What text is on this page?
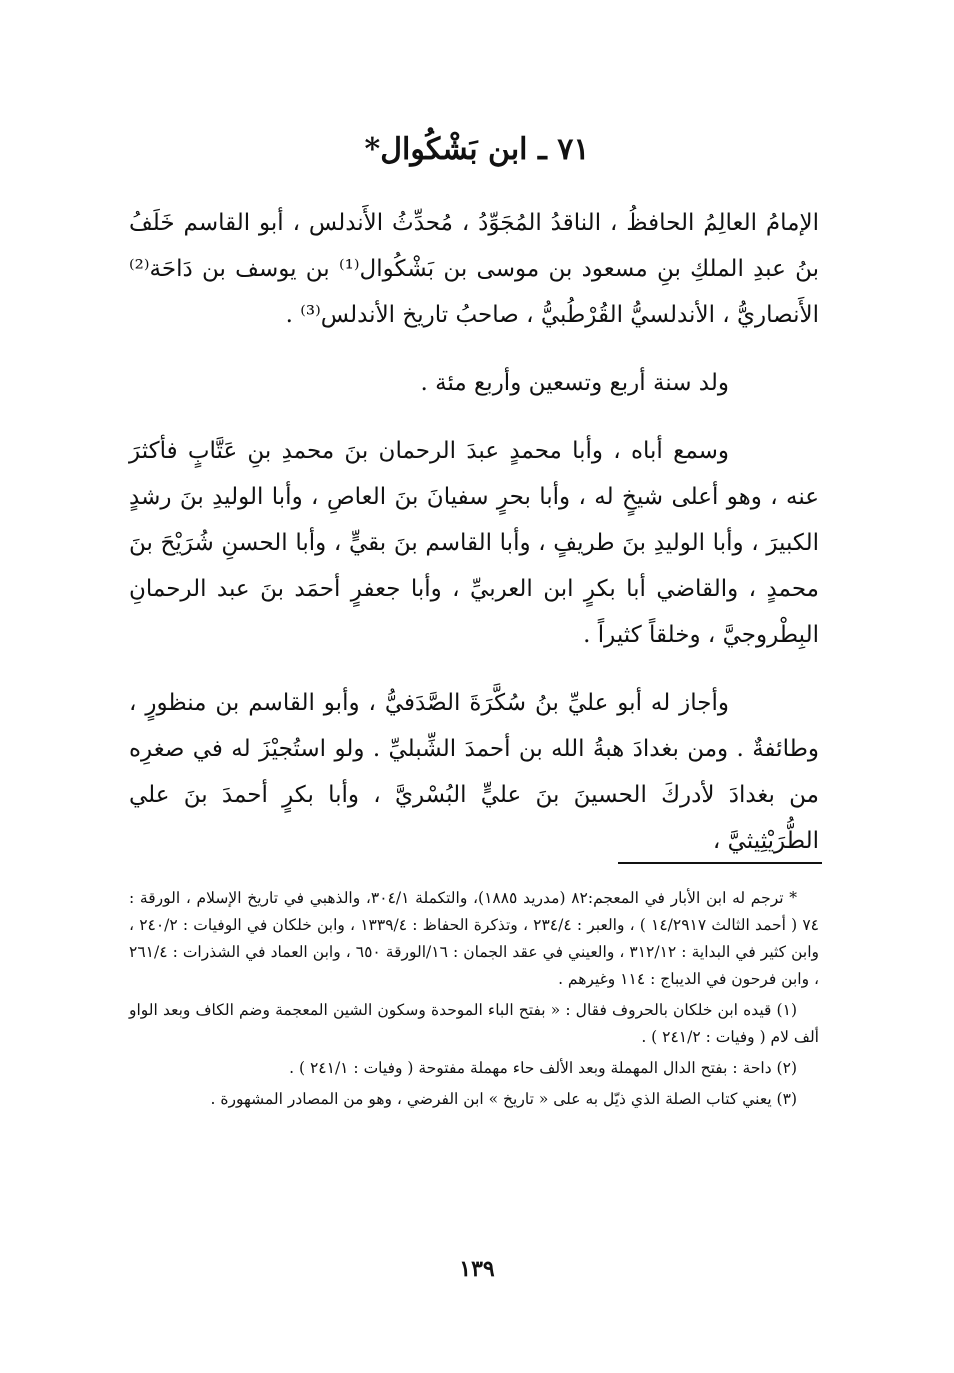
٧١ ـ ابن بَشْكُوال*

الإمامُ العالِمُ الحافظُ ، الناقدُ المُجَوِّدُ ، مُحدِّثُ الأَندلس ، أبو القاسم خَلَفُ بنُ عبدِ الملكِ بنِ مسعود بن موسى بن بَشْكُوال⁽¹⁾ بن يوسف بن دَاحَة⁽²⁾ الأَنصاريُّ ، الأندلسيُّ القُرْطُبيُّ ، صاحبُ تاريخ الأندلس⁽³⁾ .

ولد سنة أربع وتسعين وأربع مئة .

وسمع أباه ، وأبا محمدٍ عبدَ الرحمان بنَ محمدِ بنِ عَتَّابٍ فأكثرَ عنه ، وهو أعلى شيخٍ له ، وأبا بحرٍ سفيانَ بنَ العاصِ ، وأبا الوليدِ بنَ رشدٍ الكبيرَ ، وأبا الوليدِ بنَ طريفٍ ، وأبا القاسم بنَ بقيٍّ ، وأبا الحسنِ شُرَيْحَ بنَ محمدٍ ، والقاضي أبا بكرٍ ابن العربيِّ ، وأبا جعفرٍ أحمَد بنَ عبد الرحمانِ البِطْروجيَّ ، وخلقاً كثيراً .

وأجاز له أبو عليِّ بنُ سُكَّرَةَ الصَّدَفيُّ ، وأبو القاسم بن منظورٍ ، وطائفةٌ . ومن بغدادَ هبةُ الله بن أحمدَ الشِّبليِّ . ولو استُجيْزَ له في صغرِه من بغدادَ لأدركَ الحسينَ بنَ عليٍّ البُسْريَّ ، وأبا بكرٍ أحمدَ بنَ علي الطُّرَيْثِيثيَّ ،

* ترجم له ابن الأبار في المعجم:٨٢ (مدريد ١٨٨٥)، والتكملة ٣٠٤/١، والذهبي في تاريخ الإسلام ، الورقة : ٧٤ ( أحمد الثالث ١٤/٢٩١٧ ) ، والعبر : ٢٣٤/٤ ، وتذكرة الحفاظ : ١٣٣٩/٤ ، وابن خلكان في الوفيات : ٢٤٠/٢ ، وابن كثير في البداية : ٣١٢/١٢ ، والعيني في عقد الجمان : ١٦/الورقة ٦٥٠ ، وابن العماد في الشذرات : ٢٦١/٤ ، وابن فرحون في الديباج : ١١٤ وغيرهم .

(١) قيده ابن خلكان بالحروف فقال : « بفتح الباء الموحدة وسكون الشين المعجمة وضم الكاف وبعد الواو ألف لام ( وفيات : ٢٤١/٢ ) .

(٢) داحة : بفتح الدال المهملة وبعد الألف حاء مهملة مفتوحة ( وفيات : ٢٤١/١ ) .

(٣) يعني كتاب الصلة الذي ذيّل به على « تاريخ » ابن الفرضي ، وهو من المصادر المشهورة .

١٣٩
